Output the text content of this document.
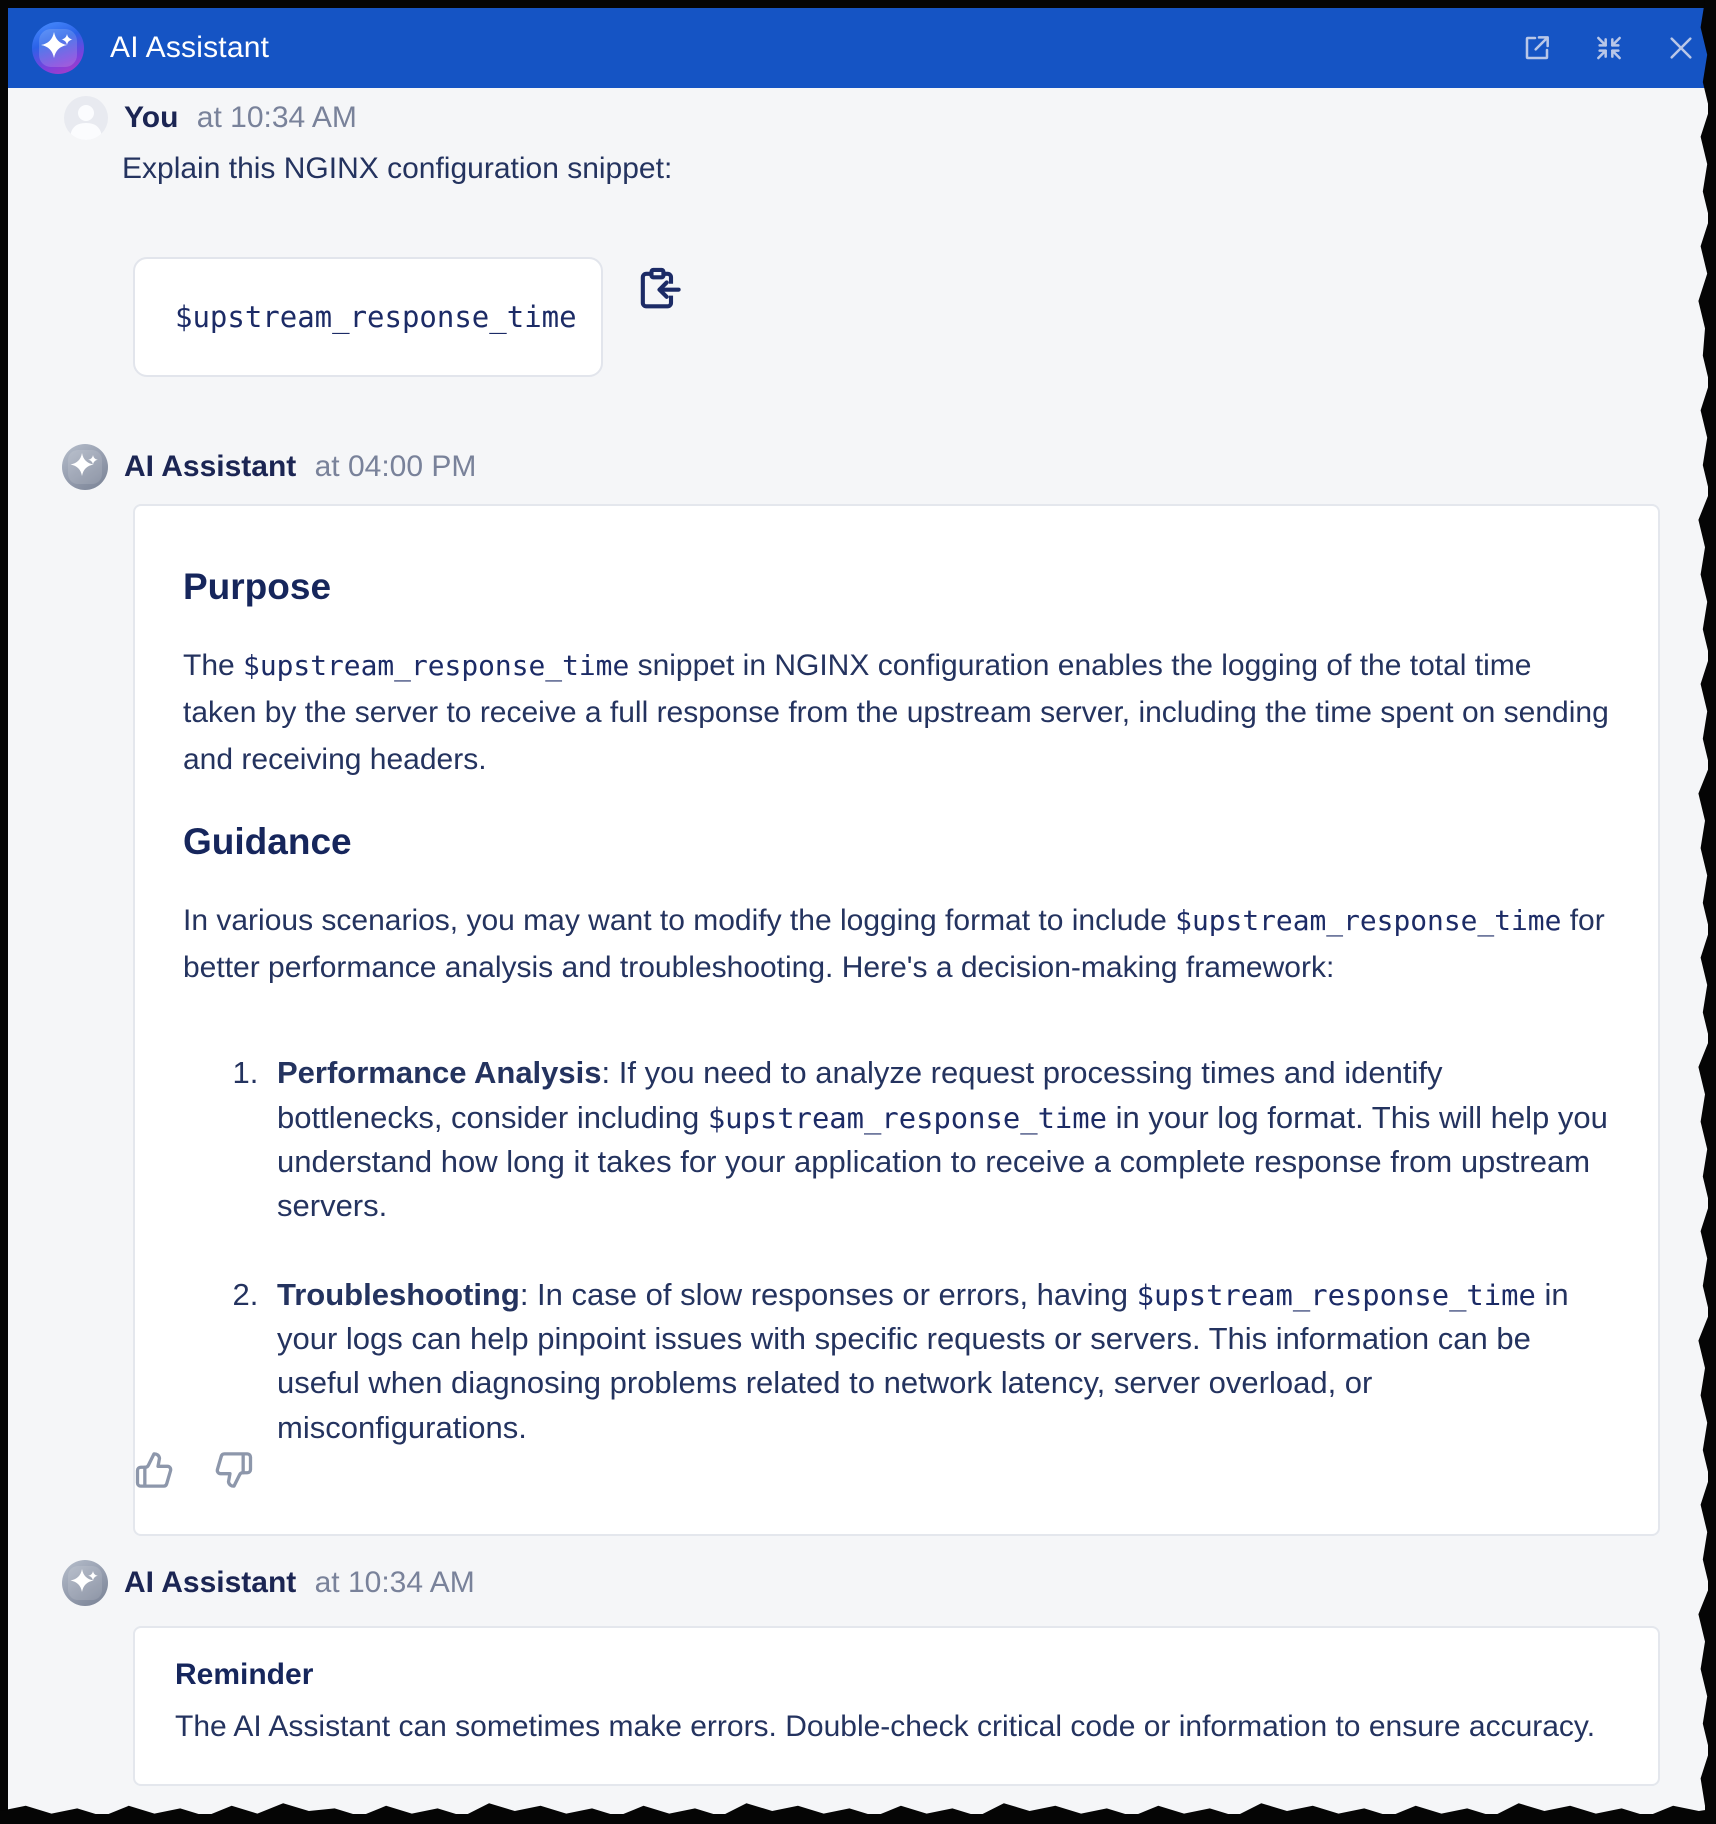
AI Assistant
You at 10:34 AM
Explain this NGINX configuration snippet:
$upstream_response_time
AI Assistant at 04:00 PM
Purpose

The $upstream_response_time snippet in NGINX configuration enables the logging of the total time taken by the server to receive a full response from the upstream server, including the time spent on sending and receiving headers.

Guidance

In various scenarios, you may want to modify the logging format to include $upstream_response_time for better performance analysis and troubleshooting. Here's a decision-making framework:

1. Performance Analysis: If you need to analyze request processing times and identify bottlenecks, consider including $upstream_response_time in your log format. This will help you understand how long it takes for your application to receive a complete response from upstream servers.
2. Troubleshooting: In case of slow responses or errors, having $upstream_response_time in your logs can help pinpoint issues with specific requests or servers. This information can be useful when diagnosing problems related to network latency, server overload, or misconfigurations.
AI Assistant at 10:34 AM
Reminder

The AI Assistant can sometimes make errors. Double-check critical code or information to ensure accuracy.
